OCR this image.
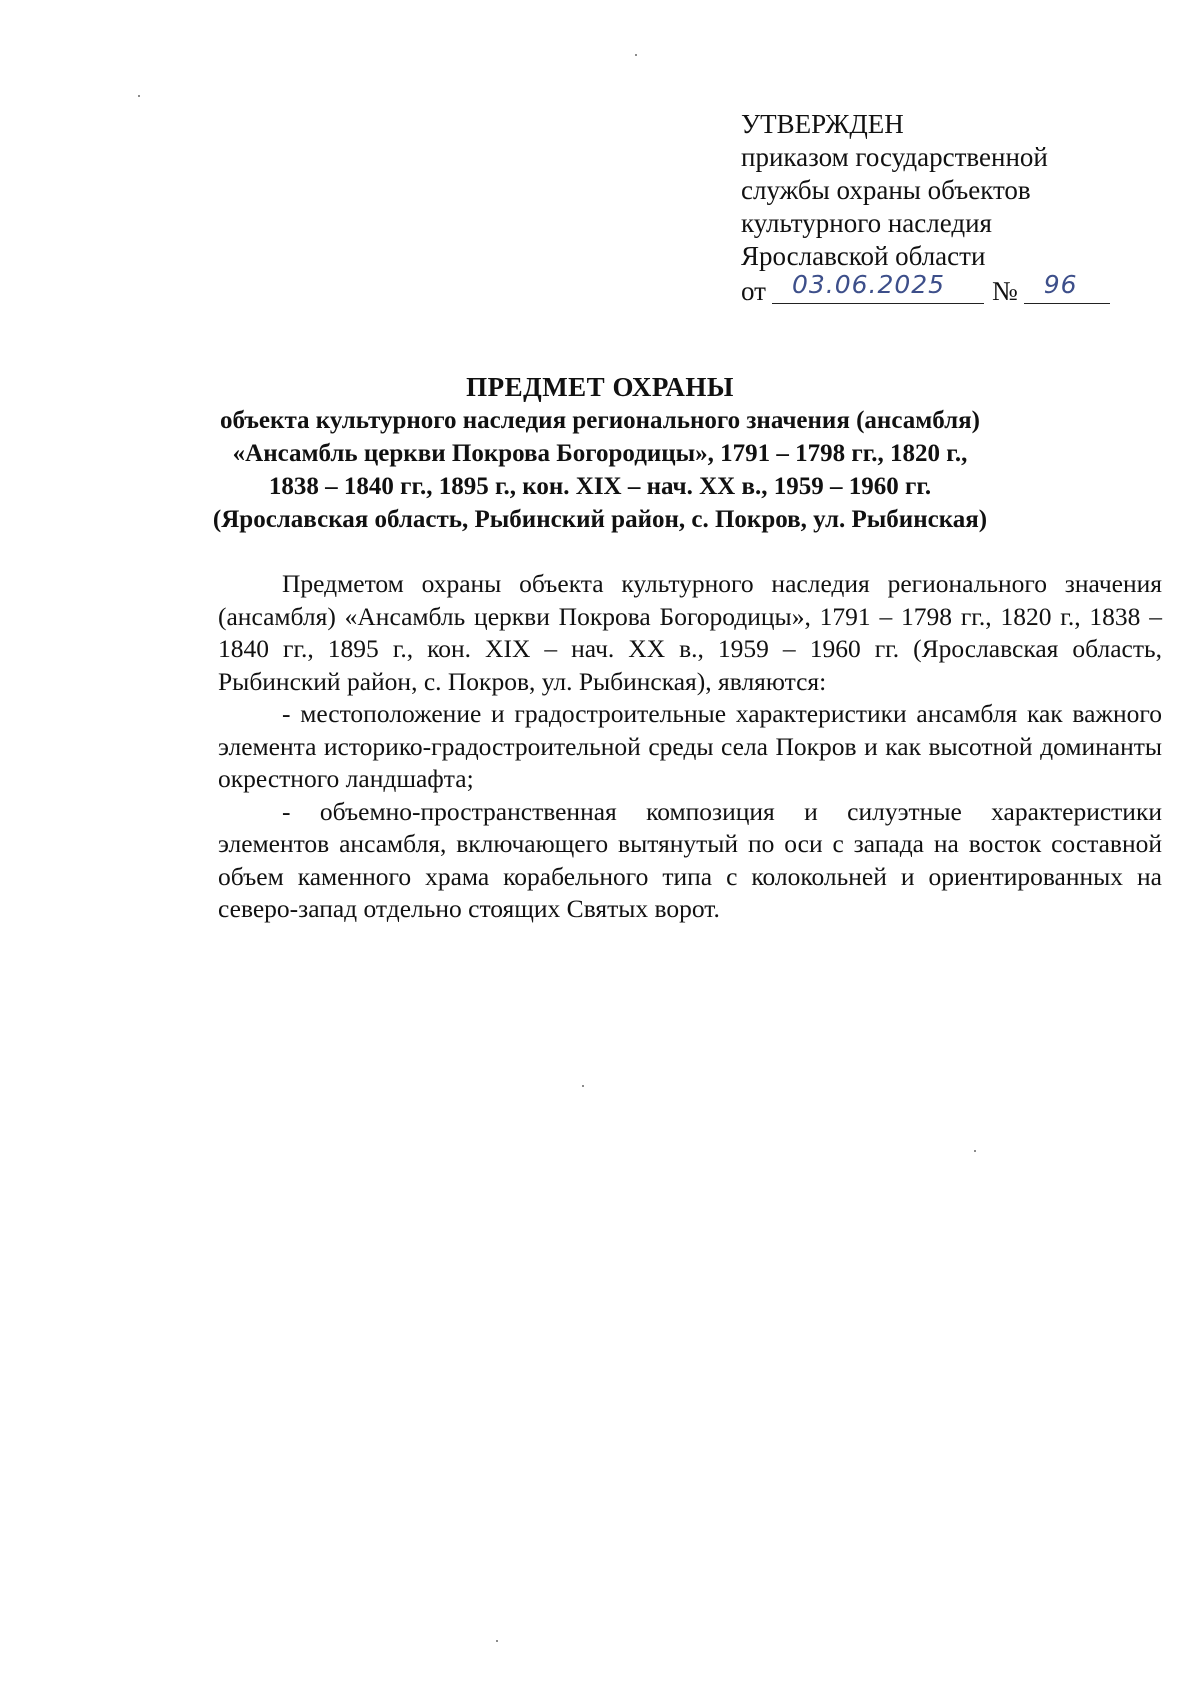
УТВЕРЖДЕН
приказом государственной
службы охраны объектов
культурного наследия
Ярославской области
от 03.06.2025 № 96
ПРЕДМЕТ ОХРАНЫ
объекта культурного наследия регионального значения (ансамбля)
«Ансамбль церкви Покрова Богородицы», 1791 – 1798 гг., 1820 г.,
1838 – 1840 гг., 1895 г., кон. XIX – нач. XX в., 1959 – 1960 гг.
(Ярославская область, Рыбинский район, с. Покров, ул. Рыбинская)

Предметом охраны объекта культурного наследия регионального значения (ансамбля) «Ансамбль церкви Покрова Богородицы», 1791 – 1798 гг., 1820 г., 1838 – 1840 гг., 1895 г., кон. XIX – нач. XX в., 1959 – 1960 гг. (Ярославская область, Рыбинский район, с. Покров, ул. Рыбинская), являются:

- местоположение и градостроительные характеристики ансамбля как важного элемента историко-градостроительной среды села Покров и как высотной доминанты окрестного ландшафта;

- объемно-пространственная композиция и силуэтные характеристики элементов ансамбля, включающего вытянутый по оси с запада на восток составной объем каменного храма корабельного типа с колокольней и ориентированных на северо-запад отдельно стоящих Святых ворот.
